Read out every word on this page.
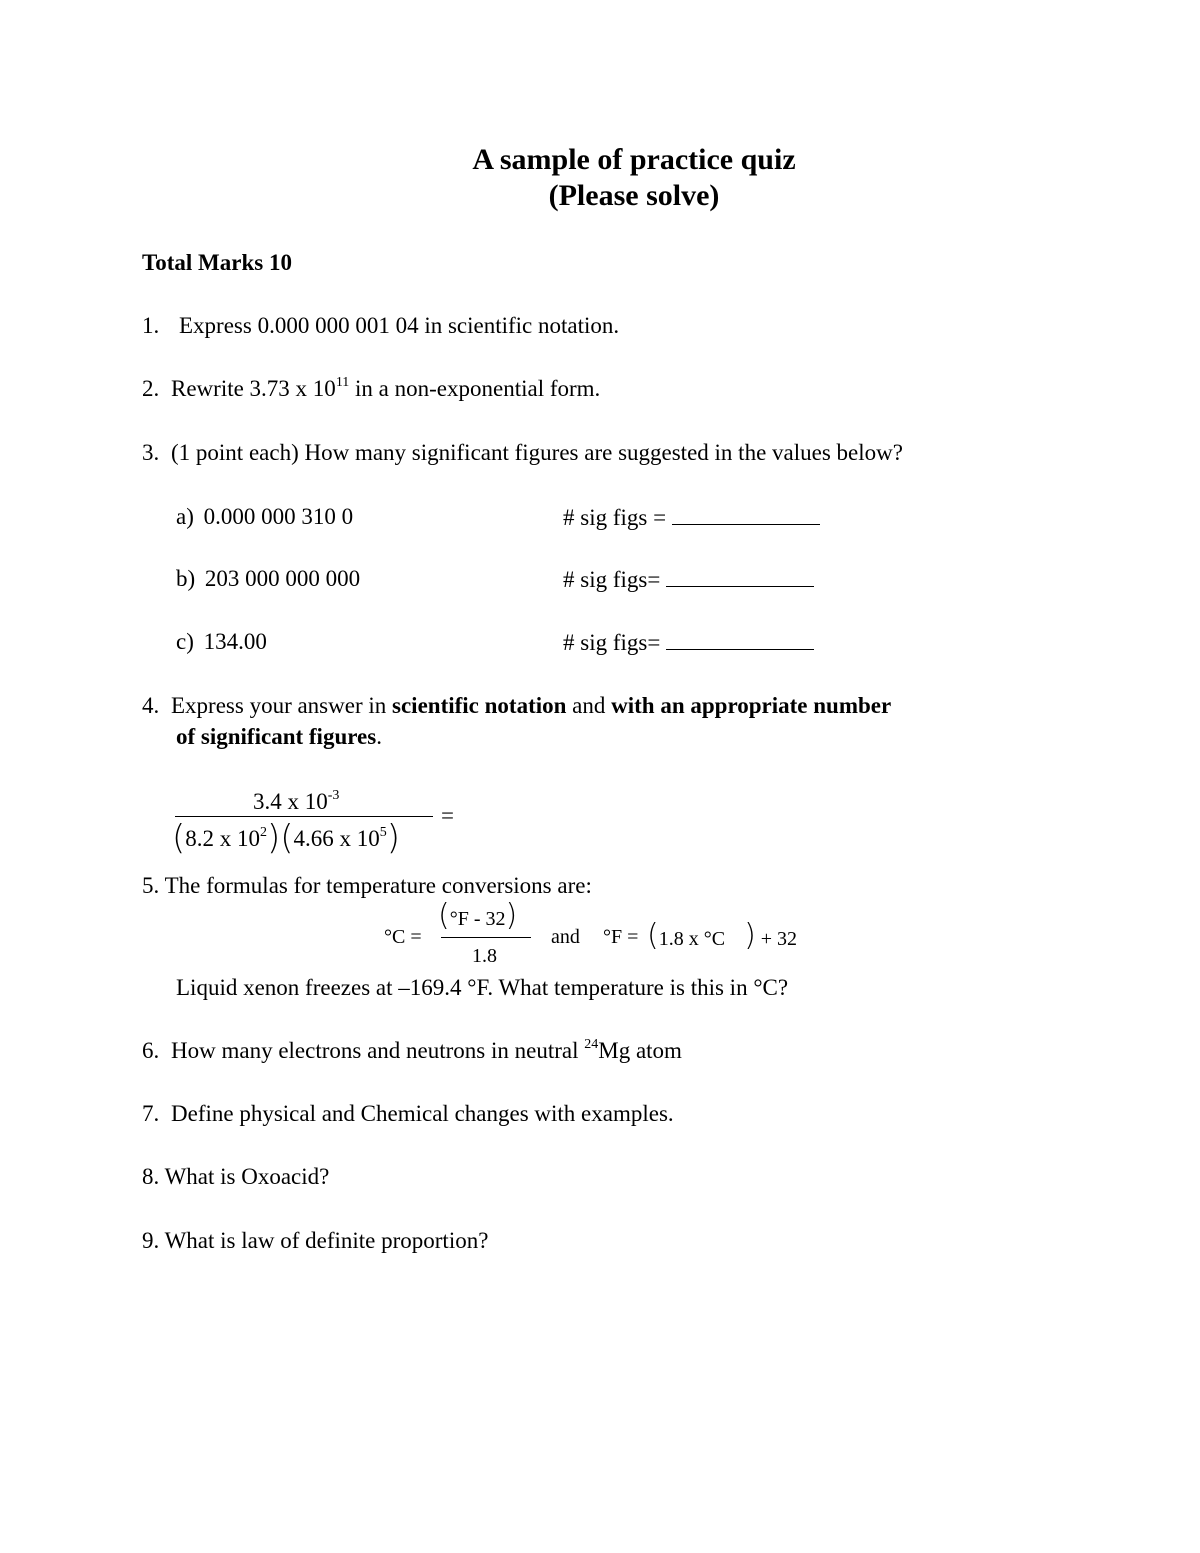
A sample of practice quiz
(Please solve)
Total Marks 10
1. Express 0.000 000 001 04 in scientific notation.
2. Rewrite 3.73 x $10^{11}$ in a non-exponential form.
3. (1 point each) How many significant figures are suggested in the values below?
a) 0.000 000 310 0	# sig figs =
b) 203 000 000 000	# sig figs=
c) 134.00	# sig figs=
4. Express your answer in scientific notation and with an appropriate number
of significant figures.
3.4 x $10^{-3}$
(8.2 x $10^2)(4.66$ x $10^5$)
=
5. The formulas for temperature conversions are:
°C =
(°F - 32)
1.8
and °F = (1.8 x °C ) + 32
Liquid xenon freezes at –169.4 °F. What temperature is this in °C?
6. How many electrons and neutrons in neutral $^{24}$Mg atom
7. Define physical and Chemical changes with examples.
8. What is Oxoacid?
9. What is law of definite proportion?
